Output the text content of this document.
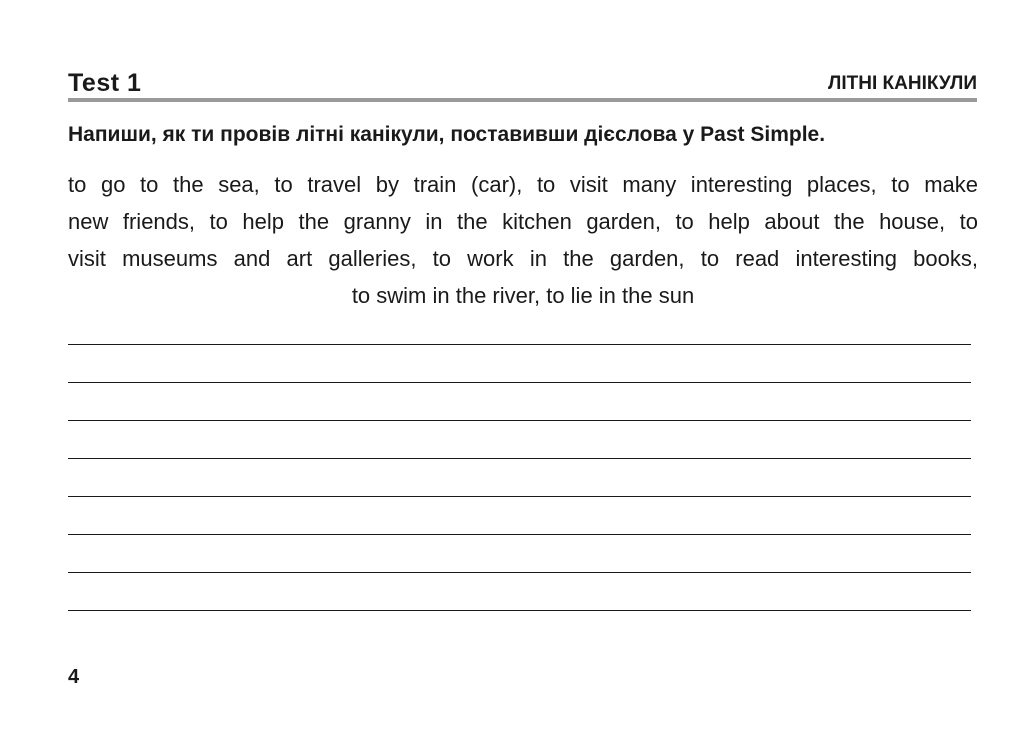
Test 1	ЛІТНІ КАНІКУЛИ
Напиши, як ти провів літні канікули, поставивши дієслова у Past Simple.
to go to the sea, to travel by train (car), to visit many interesting places, to make
new friends, to help the granny in the kitchen garden, to help about the house, to
visit museums and art galleries, to work in the garden, to read interesting books,
to swim in the river, to lie in the sun
4
